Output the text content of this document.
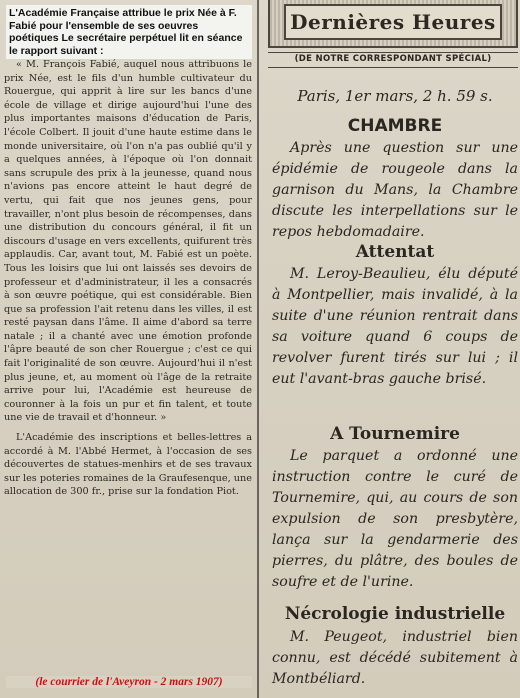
L'Académie Française attribue le prix Née à F. Fabié pour l'ensemble de ses oeuvres poétiques Le secrétaire perpétuel lit en séance le rapport suivant :

« M. François Fabié, auquel nous attribuons le prix Née, est le fils d'un humble cultivateur du Rouergue, qui apprit à lire sur les bancs d'une école de village et dirige aujourd'hui l'une des plus importantes maisons d'éducation de Paris, l'école Colbert. Il jouit d'une haute estime dans le monde universitaire, où l'on n'a pas oublié qu'il y a quelques années, à l'époque où l'on donnait sans scrupule des prix à la jeunesse, quand nous n'avions pas encore atteint le haut degré de vertu, qui fait que nos jeunes gens, pour travailler, n'ont plus besoin de récompenses, dans une distribution du concours général, il fit un discours d'usage en vers excellents, quifurent très applaudis. Car, avant tout, M. Fabié est un poète. Tous les loisirs que lui ont laissés ses devoirs de professeur et d'administrateur, il les a consacrés à son œuvre poétique, qui est considérable. Bien que sa profession l'ait retenu dans les villes, il est resté paysan dans l'âme. Il aime d'abord sa terre natale ; il a chanté avec une émotion profonde l'âpre beauté de son cher Rouergue ; c'est ce qui fait l'originalité de son œuvre. Aujourd'hui il n'est plus jeune, et, au moment où l'âge de la retraite arrive pour lui, l'Académie est heureuse de couronner à la fois un pur et fin talent, et toute une vie de travail et d'honneur. »

L'Académie des inscriptions et belles-lettres a accordé à M. l'Abbé Hermet, à l'occasion de ses découvertes de statues-menhirs et de ses travaux sur les poteries romaines de la Graufesenque, une allocation de 300 fr., prise sur la fondation Piot.

(le courrier de l'Aveyron - 2 mars 1907)
Dernières Heures
(DE NOTRE CORRESPONDANT SPÉCIAL)
Paris, 1er mars, 2 h. 59 s.
CHAMBRE

Après une question sur une épidémie de rougeole dans la garnison du Mans, la Chambre discute les interpellations sur le repos hebdomadaire.

Attentat

M. Leroy-Beaulieu, élu député à Montpellier, mais invalidé, à la suite d'une réunion rentrait dans sa voiture quand 6 coups de revolver furent tirés sur lui ; il eut l'avant-bras gauche brisé.

A Tournemire

Le parquet a ordonné une instruction contre le curé de Tournemire, qui, au cours de son expulsion de son presbytère, lança sur la gendarmerie des pierres, du plâtre, des boules de soufre et de l'urine.

Nécrologie industrielle

M. Peugeot, industriel bien connu, est décédé subitement à Montbéliard.
